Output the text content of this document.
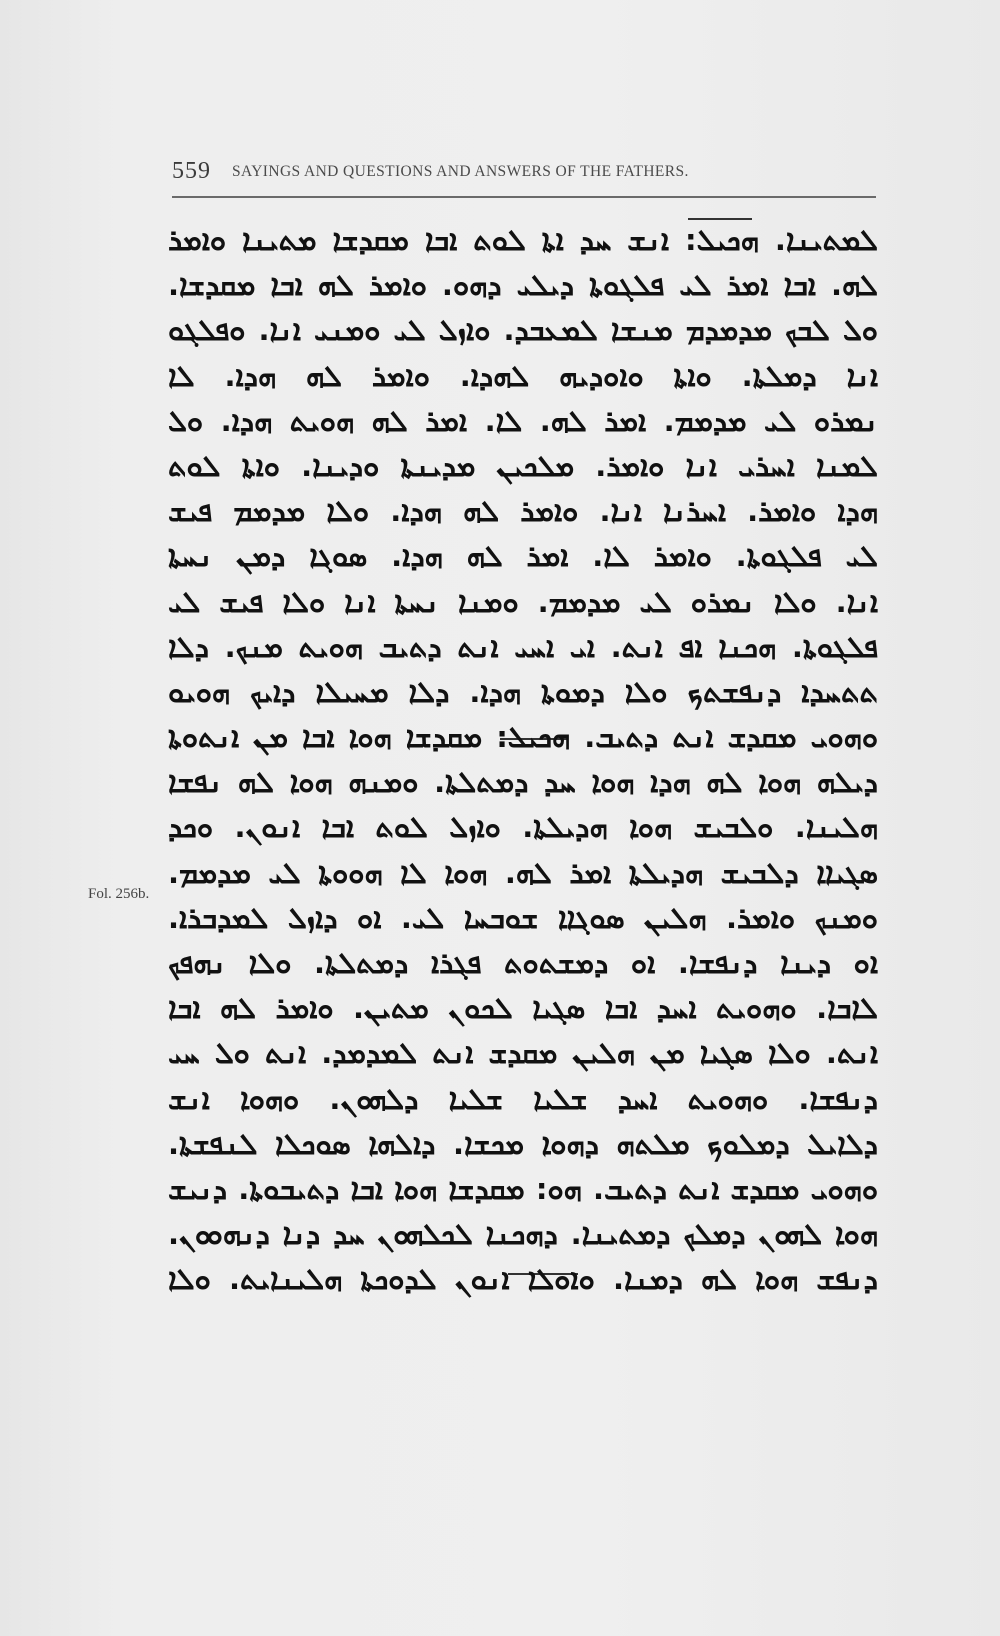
559 SAYINGS AND QUESTIONS AND ANSWERS OF THE FATHERS.
Fol. 256b.
ܠܡܬܝܢܐ. ܗܟܝܠ: ܐܢܫ ܚܕ ܐܬܐ ܠܘܬ ܐܒܐ ܡܩܕܫܐ ܡܬܝܢܐ ܘܐܡܪ
ܠܗ. ܐܒܐ ܐܡܪ ܠܝ ܦܠܓܘܬܐ ܕܝܠܝ ܕܗܘ. ܘܐܡܪ ܠܗ ܐܒܐ ܡܩܕܫܐ.
ܘܠ ܠܒܟ ܡܕܡܕܡ ܡܢܫܐ ܠܡܥܒܕ. ܘܐܙܠ ܠܝ ܘܡܢܝ ܐܢܐ. ܘܦܠܓܘ
ܐܢܐ ܕܡܠܬܐ. ܘܐܬܐ ܘܐܘܕܝܗ ܠܗܕܐ. ܘܐܡܪ ܠܗ ܗܕܐ. ܠܐ
ܢܡܪܘ ܠܝ ܡܕܡܡ. ܐܡܪ ܠܗ. ܠܐ. ܐܡܪ ܠܗ ܗܘܝܬ ܗܕܐ. ܘܠ
ܠܡܢܐ ܐܚܪܝ ܐܢܐ ܘܐܡܪ. ܡܠܟܝܢ ܡܕܝܢܬܐ ܘܕܝܢܐ. ܘܐܬܐ ܠܘܬ
ܗܕܐ ܘܐܡܪ. ܐܚܪܢܐ ܐܢܐ. ܘܐܡܪ ܠܗ ܗܕܐ. ܘܠܐ ܡܕܡܡ ܦܝܫ
ܠܝ ܦܠܓܘܬܐ. ܘܐܡܪ ܠܐ. ܐܡܪ ܠܗ ܗܕܐ. ܣܘܓܐ ܕܡܢ ܢܚܬܐ
ܐܢܐ. ܘܠܐ ܢܡܪܘ ܠܝ ܡܕܡܡ. ܘܡܢܐ ܢܚܬܐ ܐܢܐ ܘܠܐ ܦܝܫ ܠܝ
ܦܠܓܘܬܐ. ܗܟܢܐ ܐܦ ܐܢܬ. ܐܝ ܐܚܝ ܐܢܬ ܕܬܝܒ ܗܘܝܬ ܡܢܟ. ܕܠܐ
ܬܬܚܕܐ ܕܢܦܫܬܟ ܘܠܐ ܕܡܘܬܐ ܗܕܐ. ܕܠܐ ܡܚܝܠܐ ܕܐܝܟ ܗܘܝܘ
ܘܗܘܝ ܡܩܕܫ ܐܢܬ ܕܬܝܒ. ܗܟܝܠ: ܡܩܕܫܐ ܗܘܐ ܐܒܐ ܡܢ ܐܢܬܘܬܐ
ܕܝܠܗ ܗܘܐ ܠܗ ܗܕܐ ܗܘܐ ܚܕ ܕܡܬܠܬܐ. ܘܡܢܗ ܗܘܐ ܠܗ ܢܦܫܐ
ܗܠܝܢܐ. ܘܠܒܝܫ ܗܘܐ ܗܕܝܠܬܐ. ܘܐܙܠ ܠܘܬ ܐܒܐ ܐܢܘܢ. ܘܟܕ
ܣܓܝܐܐ ܕܠܒܝܫ ܗܕܝܠܬܐ ܐܡܪ ܠܗ. ܗܘܐ ܠܐ ܗܘܘܬܐ ܠܝ ܡܕܡܡ.
ܘܡܢܟ ܘܐܡܪ. ܗܠܝܢ ܣܘܓܐܐ ܫܘܒܚܐ ܠܝ. ܐܘ ܕܐܙܠ ܠܡܕܒܪܐ.
ܐܘ ܕܝܢܐ ܕܢܦܫܐ. ܐܘ ܕܡܫܬܘܬ ܦܓܪܐ ܕܡܬܠܬܐ. ܘܠܐ ܢܗܦܟ
ܠܐܒܐ. ܘܗܘܝܬ ܐܚܕ ܐܒܐ ܣܓܝܐ ܠܟܘܢ ܡܬܝܢ. ܘܐܡܪ ܠܗ ܐܒܐ
ܐܢܬ. ܘܠܐ ܣܓܝܐ ܡܢ ܗܠܝܢ ܡܩܕܫ ܐܢܬ ܠܡܕܡܕ. ܐܢܬ ܘܠ ܚܝ
ܕܢܦܫܐ. ܘܗܘܝܬ ܐܚܕ ܫܠܝܐ ܫܠܝܐ ܕܠܗܘܢ. ܘܗܘܐ ܐܢܫ
ܕܠܐܝܠ ܕܡܠܘܟ ܡܠܬܗ ܕܗܘܐ ܡܟܫܐ. ܕܐܠܗܐ ܣܘܟܠܐ ܠܢܦܫܬܐ.
ܘܗܘܝ ܡܩܕܫ ܐܢܬ ܕܬܝܒ. ܗܘ: ܡܩܕܫܐ ܗܘܐ ܐܒܐ ܕܬܝܒܘܬܐ. ܕܢܝܫ
ܗܘܐ ܠܗܘܢ ܕܡܠܟ ܕܡܬܝܢܐ. ܕܗܟܢܐ ܠܟܠܗܘܢ ܚܕ ܕܢܐ ܕܢܗܘܘܢ.
ܕܢܦܫ ܗܘܐ ܠܗ ܕܡܢܐ. ܘܐܘܠܐ ܐܢܘܢ ܠܕܘܟܬܐ ܗܠܝܢܐܝܬ. ܘܠܐ
